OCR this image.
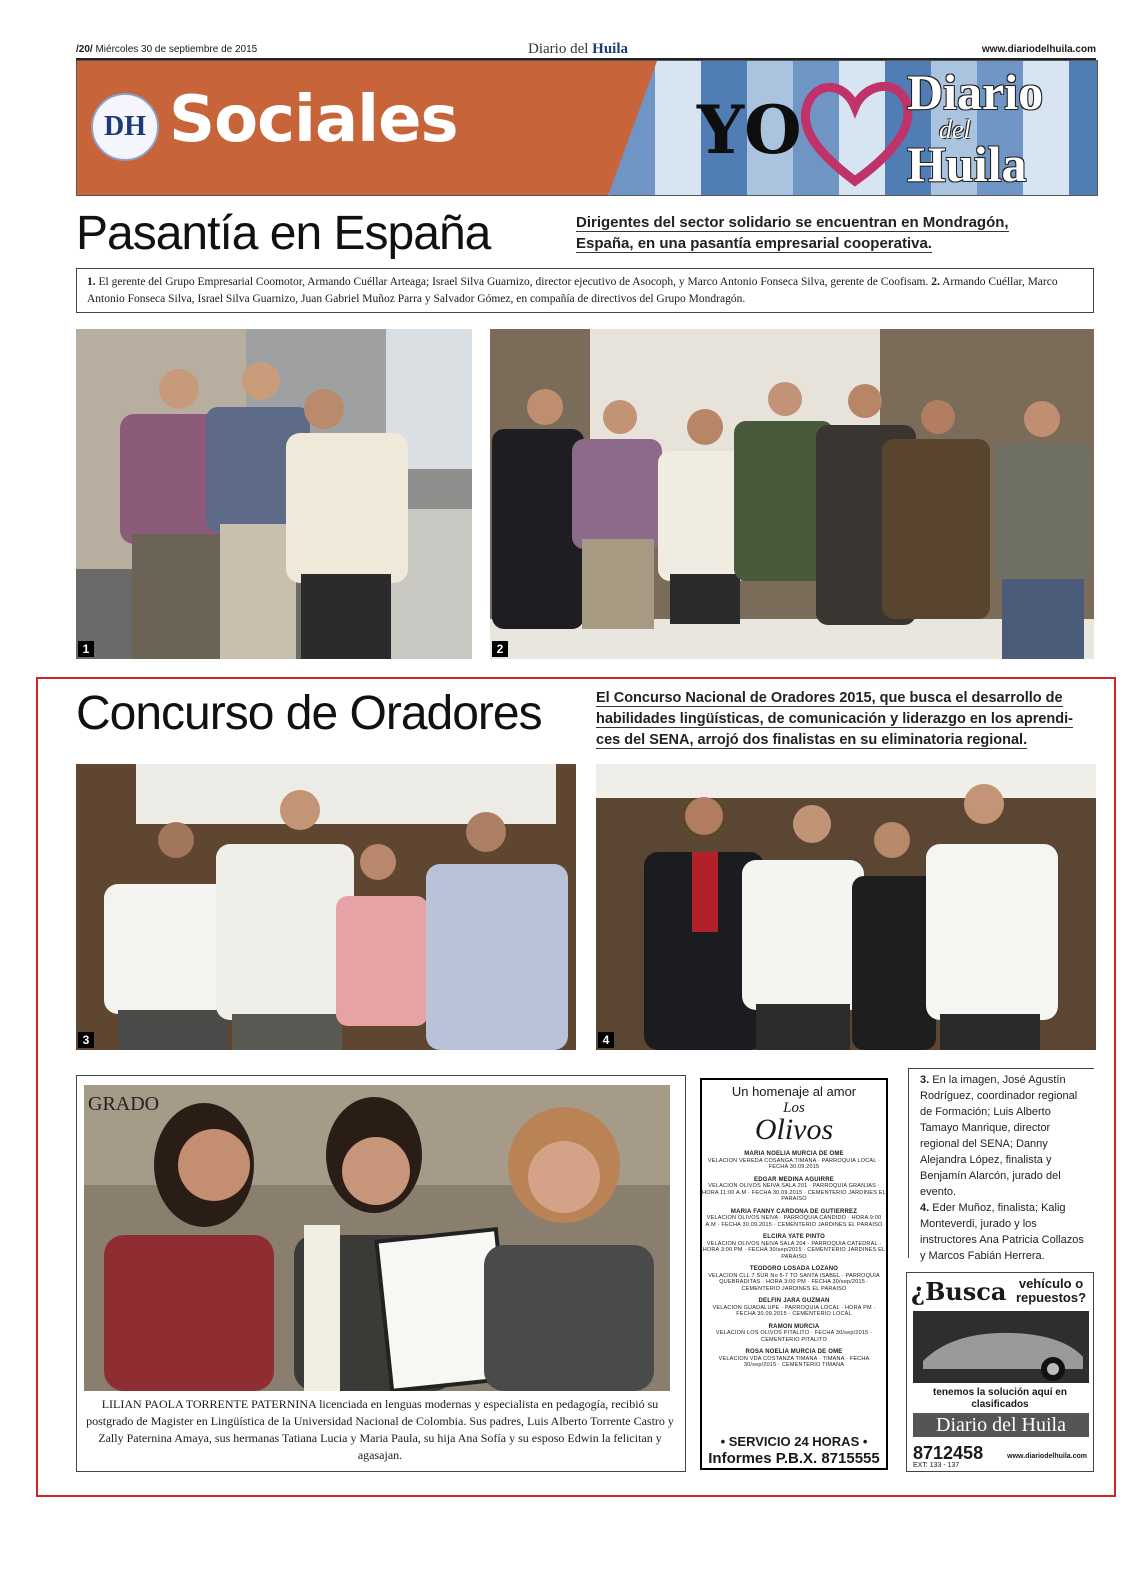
/20/ Miércoles 30 de septiembre de 2015	Diario del Huila	www.diariodelhuila.com
DH Sociales	YO Diario
del
Huila
Pasantía en España	Dirigentes del sector solidario se encuentran en Mondragón, España, en una pasantía empresarial cooperativa.
1. El gerente del Grupo Empresarial Coomotor, Armando Cuéllar Arteaga; Israel Silva Guarnizo, director ejecutivo de Asocoph, y Marco Antonio Fonseca Silva, gerente de Coofisam. 2. Armando Cuéllar, Marco Antonio Fonseca Silva, Israel Silva Guarnizo, Juan Gabriel Muñoz Parra y Salvador Gómez, en compañía de directivos del Grupo Mondragón.
1	2
Concurso de Oradores	El Concurso Nacional de Oradores 2015, que busca el desarrollo de
habilidades lingüísticas, de comunicación y liderazgo en los aprendi-
ces del SENA, arrojó dos finalistas en su eliminatoria regional.
3	4
GRADO
LILIAN PAOLA TORRENTE PATERNINA licenciada en lenguas modernas y especialista en pedagogía, recibió su postgrado de Magister en Lingüística de la Universidad Nacional de Colombia. Sus padres, Luis Alberto Torrente Castro y Zally Paternina Amaya, sus hermanas Tatiana Lucia y Maria Paula, su hija Ana Sofía y su esposo Edwin la felicitan y agasajan.
Un homenaje al amor
Los
Olivos
MARIA NOELIA MURCIA DE OME
VELACION VEREDA COSANGA TIMANA · PARROQUIA LOCAL · FECHA 30.09.2015
EDGAR MEDINA AGUIRRE
VELACION OLIVOS NEIVA SALA 201 · PARROQUIA GRANJAS · HORA 11:00 A.M · FECHA 30.09.2015 · CEMENTERIO JARDINES EL PARAISO
MARIA FANNY CARDONA DE GUTIERREZ
VELACION OLIVOS NEIVA · PARROQUIA CANDIDO · HORA 9:00 A.M · FECHA 30.09.2015 · CEMENTERIO JARDINES EL PARAISO
ELCIRA YATE PINTO
VELACION OLIVOS NEIVA SALA 204 · PARROQUIA CATEDRAL · HORA 3:00 PM · FECHA 30/sep/2015 · CEMENTERIO JARDINES EL PARAISO
TEODORO LOSADA LOZANO
VELACION CLL 7 SUR No 5-7 TO SANTA ISABEL · PARROQUIA QUEBRADITAS · HORA 3:00 PM · FECHA 30/sep/2015 · CEMENTERIO JARDINES EL PARAISO
DELFIN JARA GUZMAN
VELACION GUADALUPE · PARROQUIA LOCAL · HORA PM · FECHA 30.09.2015 · CEMENTERIO LOCAL
RAMON MURCIA
VELACION LOS OLIVOS PITALITO · FECHA 30/sep/2015 · CEMENTERIO PITALITO
ROSA NOELIA MURCIA DE OME
VELACION VDA COSTANZA TIMANA · TIMANA · FECHA 30/sep/2015 · CEMENTERIO TIMANA
• SERVICIO 24 HORAS •
Informes P.B.X. 8715555
3. En la imagen, José Agustín Rodríguez, coordinador regional de Formación; Luis Alberto Tamayo Manrique, director regional del SENA; Danny Alejandra López, finalista y Benjamín Alarcón, jurado del evento.
4. Eder Muñoz, finalista; Kalig Monteverdi, jurado y los instructores Ana Patricia Collazos y Marcos Fabián Herrera.
¿Busca vehículo o repuestos?
tenemos la solución aquí en clasificados
Diario del Huila
8712458
EXT: 133 - 137
www.diariodelhuila.com
